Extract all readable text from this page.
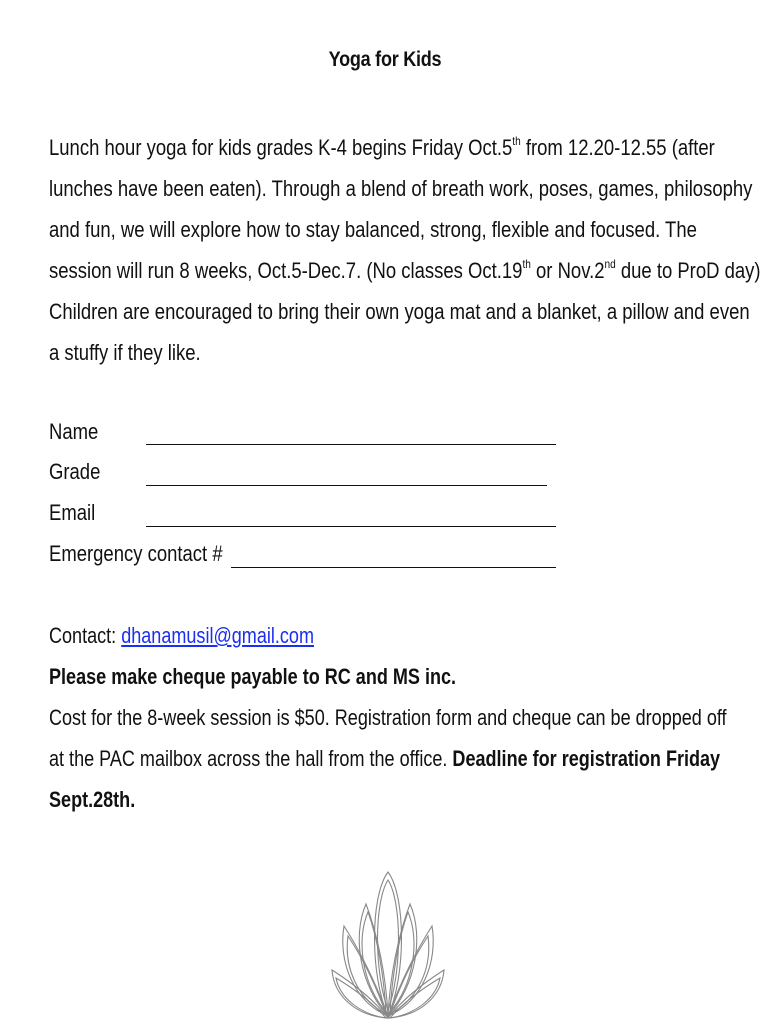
Yoga for Kids
Lunch hour yoga for kids grades K-4 begins Friday Oct.5th from 12.20-12.55 (after
lunches have been eaten). Through a blend of breath work, poses, games, philosophy
and fun, we will explore how to stay balanced, strong, flexible and focused. The
session will run 8 weeks, Oct.5-Dec.7. (No classes Oct.19th or Nov.2nd due to ProD day)
Children are encouraged to bring their own yoga mat and a blanket, a pillow and even
a stuffy if they like.
Name
Grade
Email
Emergency contact #
Contact: dhanamusil@gmail.com
Please make cheque payable to RC and MS inc.
Cost for the 8-week session is $50. Registration form and cheque can be dropped off
at the PAC mailbox across the hall from the office. Deadline for registration Friday
Sept.28th.
